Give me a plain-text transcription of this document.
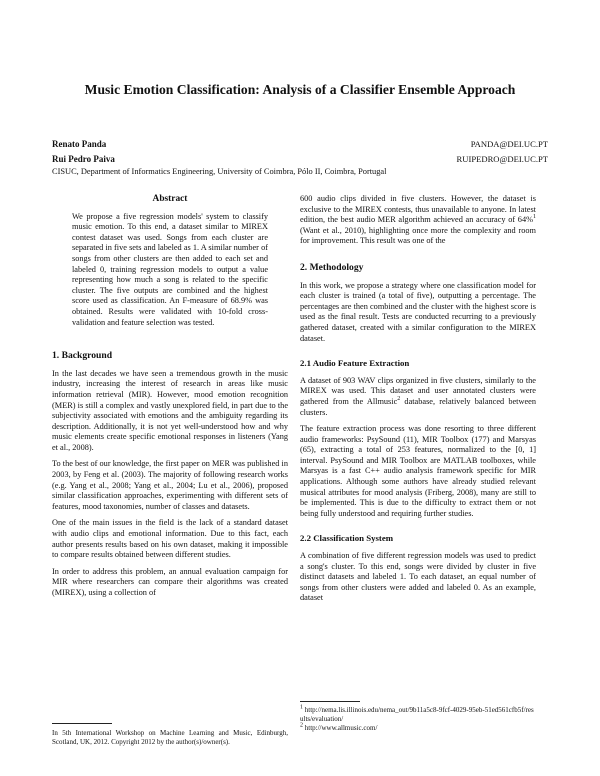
Music Emotion Classification: Analysis of a Classifier Ensemble Approach
Renato Panda	PANDA@DEI.UC.PT
Rui Pedro Paiva	RUIPEDRO@DEI.UC.PT
CISUC, Department of Informatics Engineering, University of Coimbra, Pólo II, Coimbra, Portugal
Abstract
We propose a five regression models' system to classify music emotion. To this end, a dataset similar to MIREX contest dataset was used. Songs from each cluster are separated in five sets and labeled as 1. A similar number of songs from other clusters are then added to each set and labeled 0, training regression models to output a value representing how much a song is related to the specific cluster. The five outputs are combined and the highest score used as classification. An F-measure of 68.9% was obtained. Results were validated with 10-fold cross-validation and feature selection was tested.
1. Background

In the last decades we have seen a tremendous growth in the music industry, increasing the interest of research in areas like music information retrieval (MIR). However, mood emotion recognition (MER) is still a complex and vastly unexplored field, in part due to the subjectivity associated with emotions and the ambiguity regarding its description. Additionally, it is not yet well-understood how and why music elements create specific emotional responses in listeners (Yang et al., 2008).

To the best of our knowledge, the first paper on MER was published in 2003, by Feng et al. (2003). The majority of following research works (e.g. Yang et al., 2008; Yang et al., 2004; Lu et al., 2006), proposed similar classification approaches, experimenting with different sets of features, mood taxonomies, number of classes and datasets.

One of the main issues in the field is the lack of a standard dataset with audio clips and emotional information. Due to this fact, each author presents results based on his own dataset, making it impossible to compare results obtained between different studies.

In order to address this problem, an annual evaluation campaign for MIR where researchers can compare their algorithms was created (MIREX), using a collection of

In 5th International Workshop on Machine Learning and Music, Edinburgh, Scotland, UK, 2012. Copyright 2012 by the author(s)/owner(s).

600 audio clips divided in five clusters. However, the dataset is exclusive to the MIREX contests, thus unavailable to anyone. In latest edition, the best audio MER algorithm achieved an accuracy of 64%$^1$ (Want et al., 2010), highlighting once more the complexity and room for improvement. This result was one of the

2. Methodology

In this work, we propose a strategy where one classification model for each cluster is trained (a total of five), outputting a percentage. The percentages are then combined and the cluster with the highest score is used as the final result. Tests are conducted recurring to a previously gathered dataset, created with a similar configuration to the MIREX dataset.

2.1 Audio Feature Extraction

A dataset of 903 WAV clips organized in five clusters, similarly to the MIREX was used. This dataset and user annotated clusters were gathered from the Allmusic$^2$ database, relatively balanced between clusters.

The feature extraction process was done resorting to three different audio frameworks: PsySound (11), MIR Toolbox (177) and Marsyas (65), extracting a total of 253 features, normalized to the [0, 1] interval. PsySound and MIR Toolbox are MATLAB toolboxes, while Marsyas is a fast C++ audio analysis framework specific for MIR applications. Although some authors have already studied relevant musical attributes for mood analysis (Friberg, 2008), many are still to be implemented. This is due to the difficulty to extract them or not being fully understood and requiring further studies.

2.2 Classification System

A combination of five different regression models was used to predict a song's cluster. To this end, songs were divided by cluster in five distinct datasets and labeled 1. To each dataset, an equal number of songs from other clusters were added and labeled 0. As an example, dataset

$^1$ http://nema.lis.illinois.edu/nema_out/9b11a5c8-9fcf-4029-95eb-51ed561cfb5f/results/evaluation/
$^2$ http://www.allmusic.com/
